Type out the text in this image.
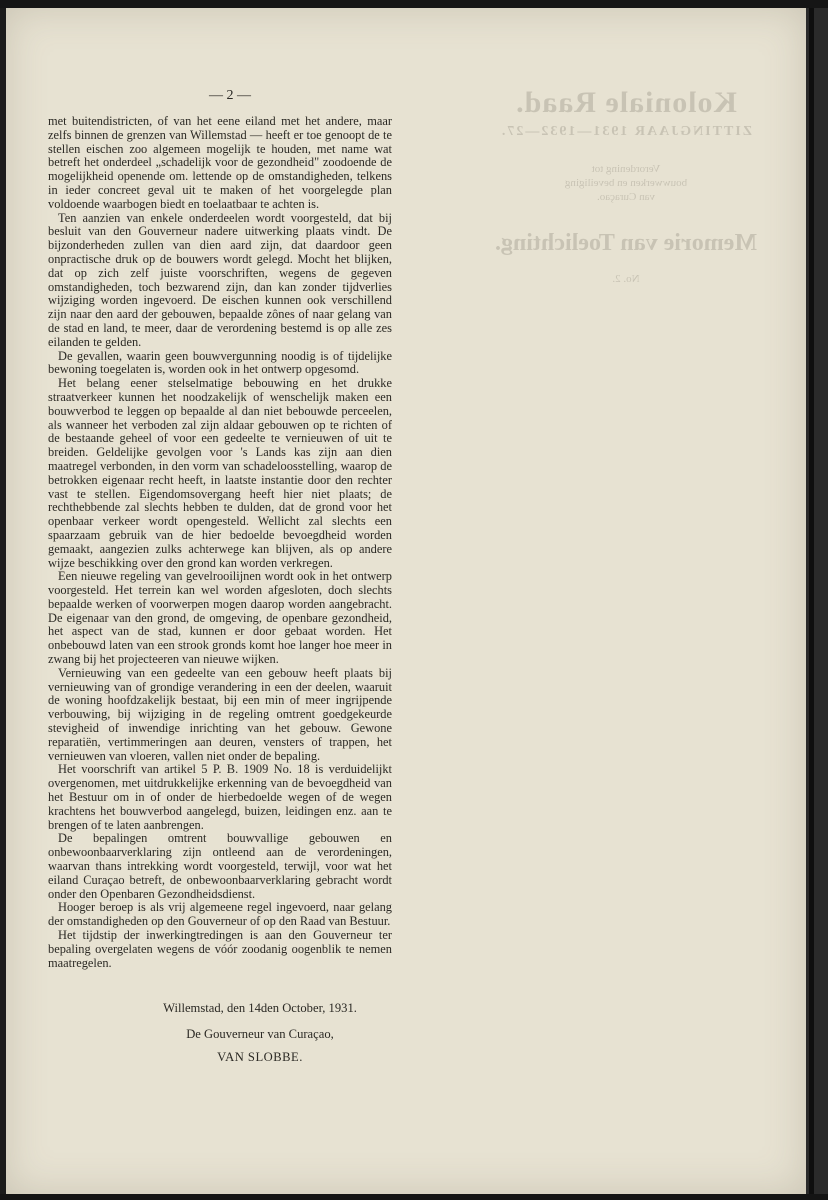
Koloniale Raad.
ZITTINGJAAR 1931—1932—27.
Verordening tot
bouwwerken en beveiliging
van Curaçao.
Memorie van Toelichting.
No. 2.
— 2 —

met buitendistricten, of van het eene eiland met het andere, maar zelfs binnen de grenzen van Willemstad — heeft er toe genoopt de te stellen eischen zoo algemeen mogelijk te houden, met name wat betreft het onderdeel „schadelijk voor de gezondheid" zoodoende de mogelijkheid openende om. lettende op de omstandigheden, telkens in ieder concreet geval uit te maken of het voorgelegde plan voldoende waarbogen biedt en toelaatbaar te achten is.

Ten aanzien van enkele onderdeelen wordt voorgesteld, dat bij besluit van den Gouverneur nadere uitwerking plaats vindt. De bijzonderheden zullen van dien aard zijn, dat daardoor geen onpractische druk op de bouwers wordt gelegd. Mocht het blijken, dat op zich zelf juiste voorschriften, wegens de gegeven omstandigheden, toch bezwarend zijn, dan kan zonder tijdverlies wijziging worden ingevoerd. De eischen kunnen ook verschillend zijn naar den aard der gebouwen, bepaalde zônes of naar gelang van de stad en land, te meer, daar de verordening bestemd is op alle zes eilanden te gelden.

De gevallen, waarin geen bouwvergunning noodig is of tijdelijke bewoning toegelaten is, worden ook in het ontwerp opgesomd.

Het belang eener stelselmatige bebouwing en het drukke straatverkeer kunnen het noodzakelijk of wenschelijk maken een bouwverbod te leggen op bepaalde al dan niet bebouwde perceelen, als wanneer het verboden zal zijn aldaar gebouwen op te richten of de bestaande geheel of voor een gedeelte te vernieuwen of uit te breiden. Geldelijke gevolgen voor 's Lands kas zijn aan dien maatregel verbonden, in den vorm van schadeloosstelling, waarop de betrokken eigenaar recht heeft, in laatste instantie door den rechter vast te stellen. Eigendomsovergang heeft hier niet plaats; de rechthebbende zal slechts hebben te dulden, dat de grond voor het openbaar verkeer wordt opengesteld. Wellicht zal slechts een spaarzaam gebruik van de hier bedoelde bevoegdheid worden gemaakt, aangezien zulks achterwege kan blijven, als op andere wijze beschikking over den grond kan worden verkregen.

Een nieuwe regeling van gevelrooilijnen wordt ook in het ontwerp voorgesteld. Het terrein kan wel worden afgesloten, doch slechts bepaalde werken of voorwerpen mogen daarop worden aangebracht. De eigenaar van den grond, de omgeving, de openbare gezondheid, het aspect van de stad, kunnen er door gebaat worden. Het onbebouwd laten van een strook gronds komt hoe langer hoe meer in zwang bij het projecteeren van nieuwe wijken.

Vernieuwing van een gedeelte van een gebouw heeft plaats bij vernieuwing van of grondige verandering in een der deelen, waaruit de woning hoofdzakelijk bestaat, bij een min of meer ingrijpende verbouwing, bij wijziging in de regeling omtrent goedgekeurde stevigheid of inwendige inrichting van het gebouw. Gewone reparatiën, vertimmeringen aan deuren, vensters of trappen, het vernieuwen van vloeren, vallen niet onder de bepaling.

Het voorschrift van artikel 5 P. B. 1909 No. 18 is verduidelijkt overgenomen, met uitdrukkelijke erkenning van de bevoegdheid van het Bestuur om in of onder de hierbedoelde wegen of de wegen krachtens het bouwverbod aangelegd, buizen, leidingen enz. aan te brengen of te laten aanbrengen.

De bepalingen omtrent bouwvallige gebouwen en onbewoonbaarverklaring zijn ontleend aan de verordeningen, waarvan thans intrekking wordt voorgesteld, terwijl, voor wat het eiland Curaçao betreft, de onbewoonbaarverklaring gebracht wordt onder den Openbaren Gezondheidsdienst.

Hooger beroep is als vrij algemeene regel ingevoerd, naar gelang der omstandigheden op den Gouverneur of op den Raad van Bestuur.

Het tijdstip der inwerkingtredingen is aan den Gouverneur ter bepaling overgelaten wegens de vóór zoodanig oogenblik te nemen maatregelen.

Willemstad, den 14den October, 1931.
De Gouverneur van Curaçao,
VAN SLOBBE.
